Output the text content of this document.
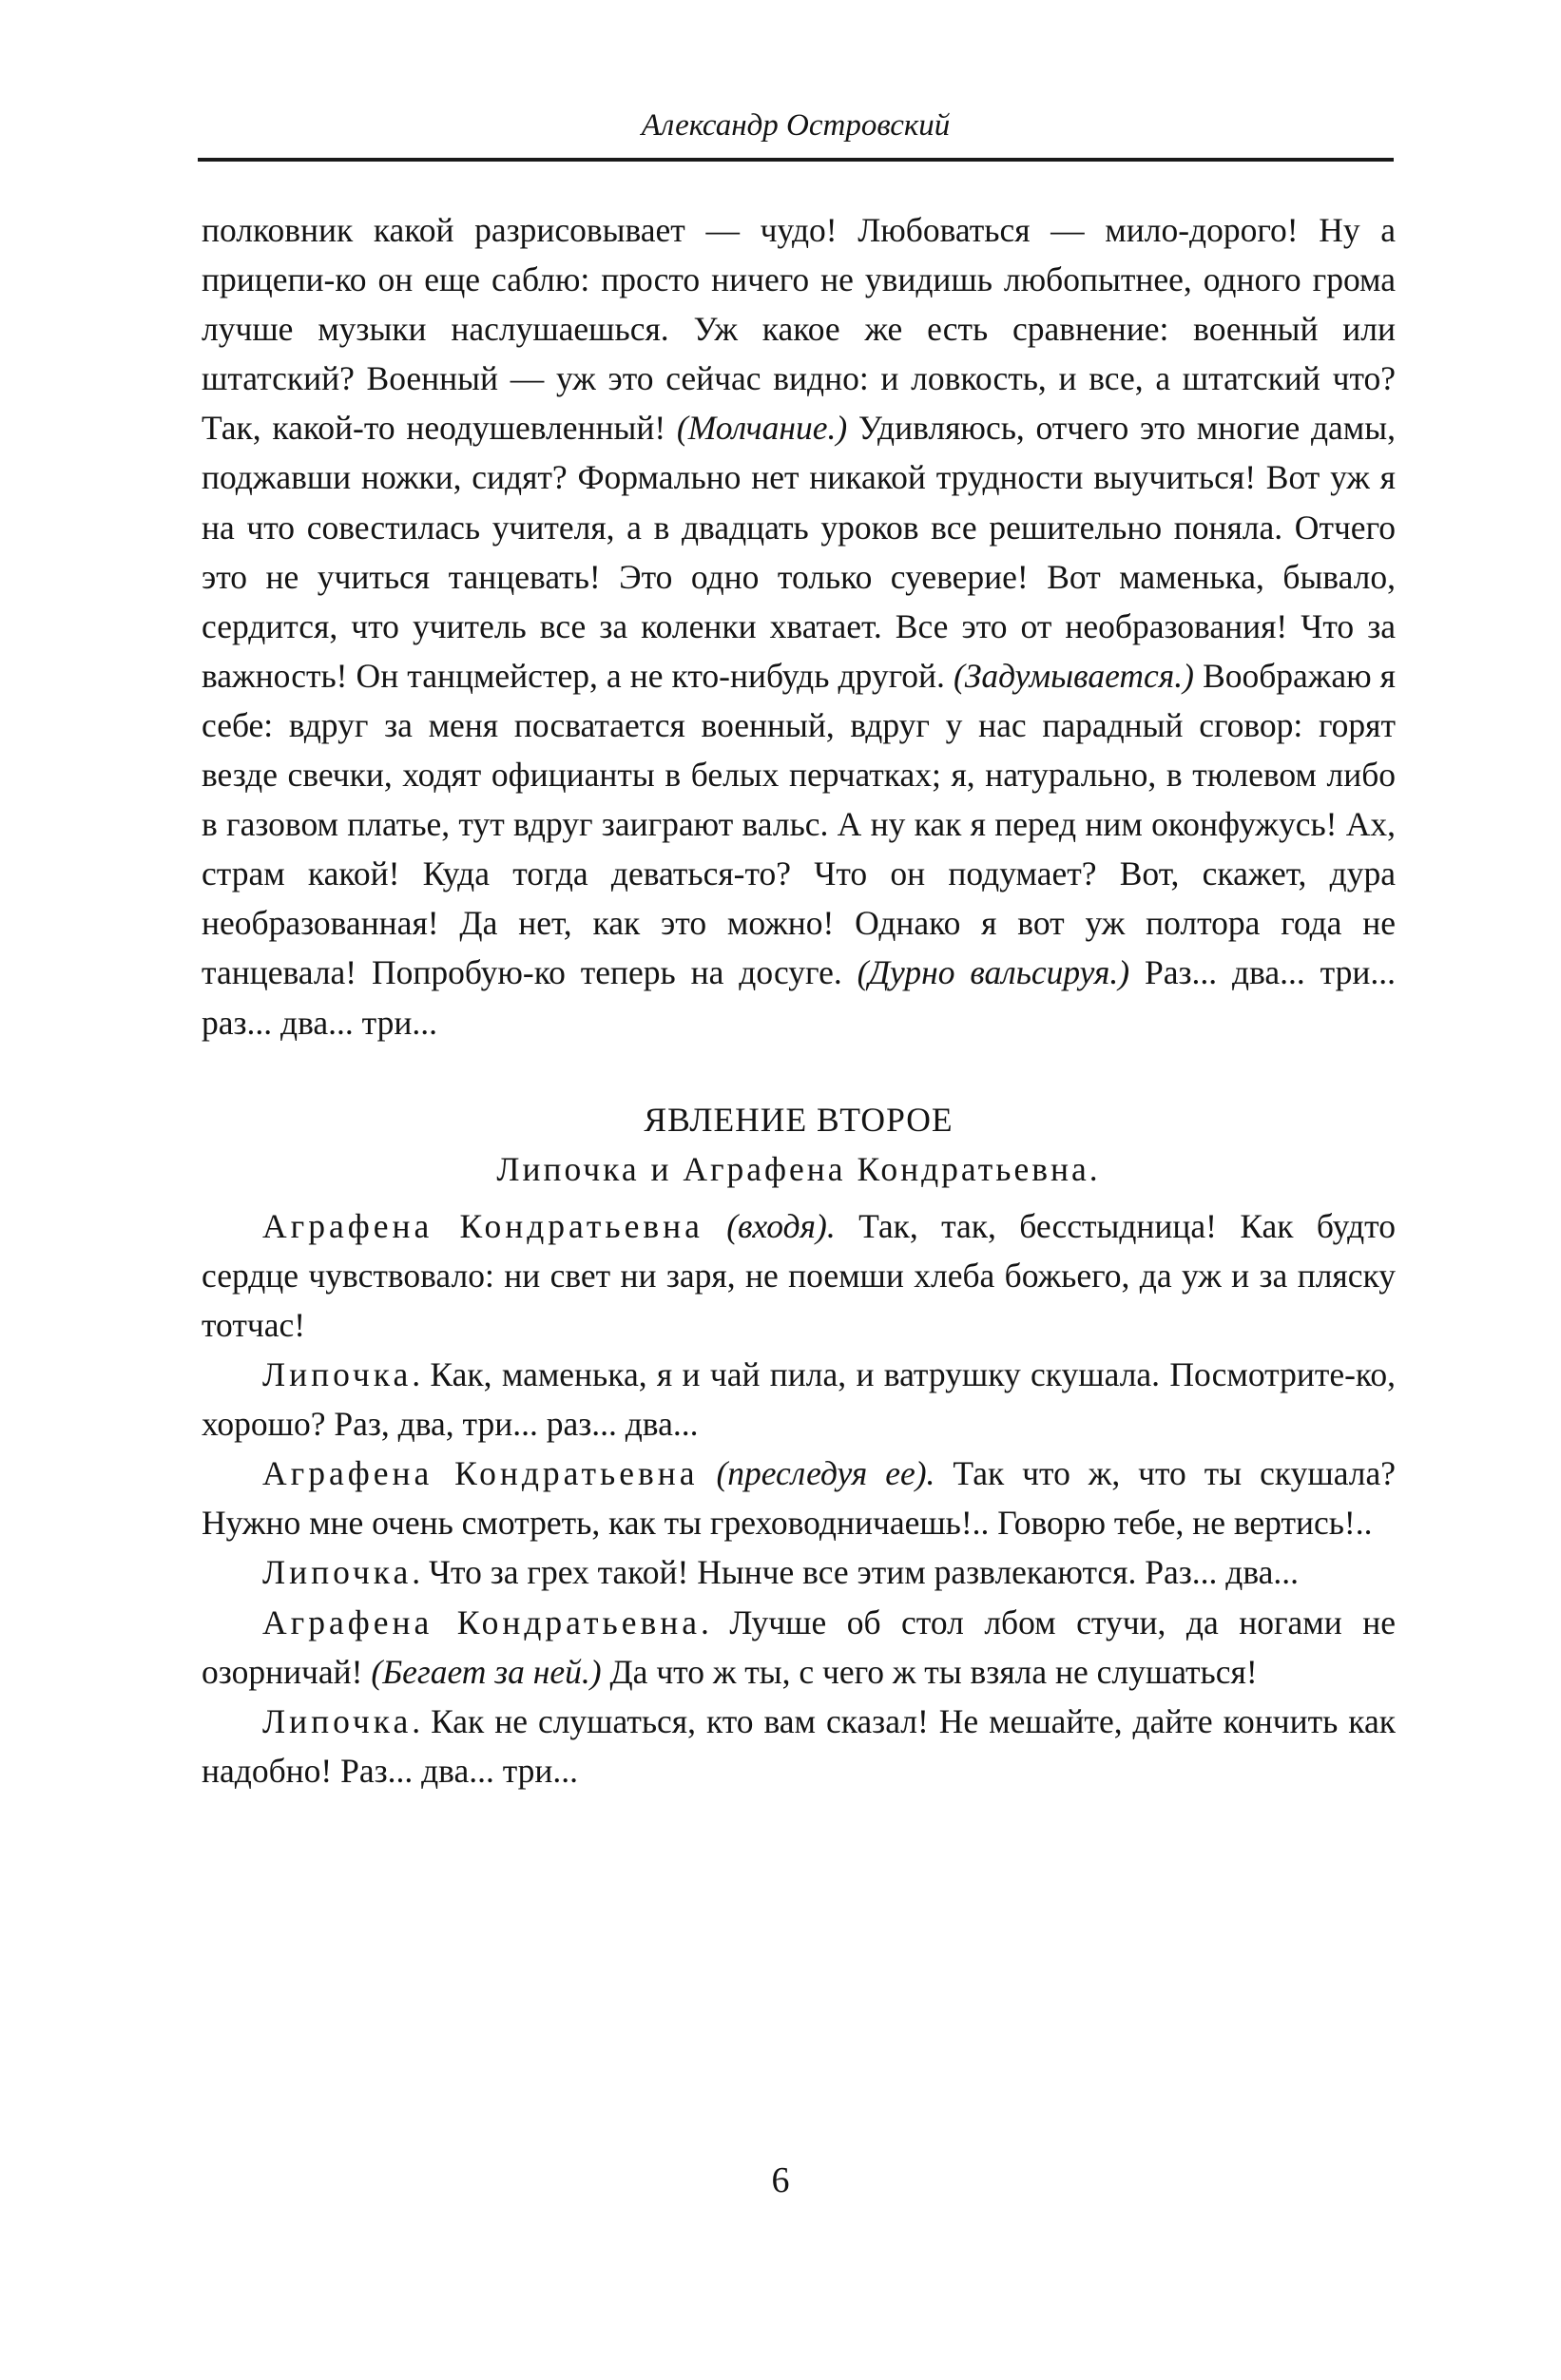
Александр Островский

полковник какой разрисовывает — чудо! Любоваться — мило-дорого! Ну а прицепи-ко он еще саблю: просто ничего не увидишь любопытнее, одного грома лучше музыки наслушаешься. Уж какое же есть сравнение: военный или штатский? Военный — уж это сейчас видно: и ловкость, и все, а штатский что? Так, какой-то неодушевленный! (Молчание.) Удивляюсь, отчего это многие дамы, поджавши ножки, сидят? Формально нет никакой трудности выучиться! Вот уж я на что совестилась учителя, а в двадцать уроков все решительно поняла. Отчего это не учиться танцевать! Это одно только суеверие! Вот маменька, бывало, сердится, что учитель все за коленки хватает. Все это от необразования! Что за важность! Он танцмейстер, а не кто-нибудь другой. (Задумывается.) Воображаю я себе: вдруг за меня посватается военный, вдруг у нас парадный сговор: горят везде свечки, ходят официанты в белых перчатках; я, натурально, в тюлевом либо в газовом платье, тут вдруг заиграют вальс. А ну как я перед ним оконфужусь! Ах, страм какой! Куда тогда деваться-то? Что он подумает? Вот, скажет, дура необразованная! Да нет, как это можно! Однако я вот уж полтора года не танцевала! Попробую-ко теперь на досуге. (Дурно вальсируя.) Раз... два... три... раз... два... три...

ЯВЛЕНИЕ ВТОРОЕ

Липочка и Аграфена Кондратьевна.

Аграфена Кондратьевна (входя). Так, так, бесстыдница! Как будто сердце чувствовало: ни свет ни заря, не поемши хлеба божьего, да уж и за пляску тотчас!

Липочка. Как, маменька, я и чай пила, и ватрушку скушала. Посмотрите-ко, хорошо? Раз, два, три... раз... два...

Аграфена Кондратьевна (преследуя ее). Так что ж, что ты скушала? Нужно мне очень смотреть, как ты греховодничаешь!.. Говорю тебе, не вертись!..

Липочка. Что за грех такой! Нынче все этим развлекаются. Раз... два...

Аграфена Кондратьевна. Лучше об стол лбом стучи, да ногами не озорничай! (Бегает за ней.) Да что ж ты, с чего ж ты взяла не слушаться!

Липочка. Как не слушаться, кто вам сказал! Не мешайте, дайте кончить как надобно! Раз... два... три...

6
